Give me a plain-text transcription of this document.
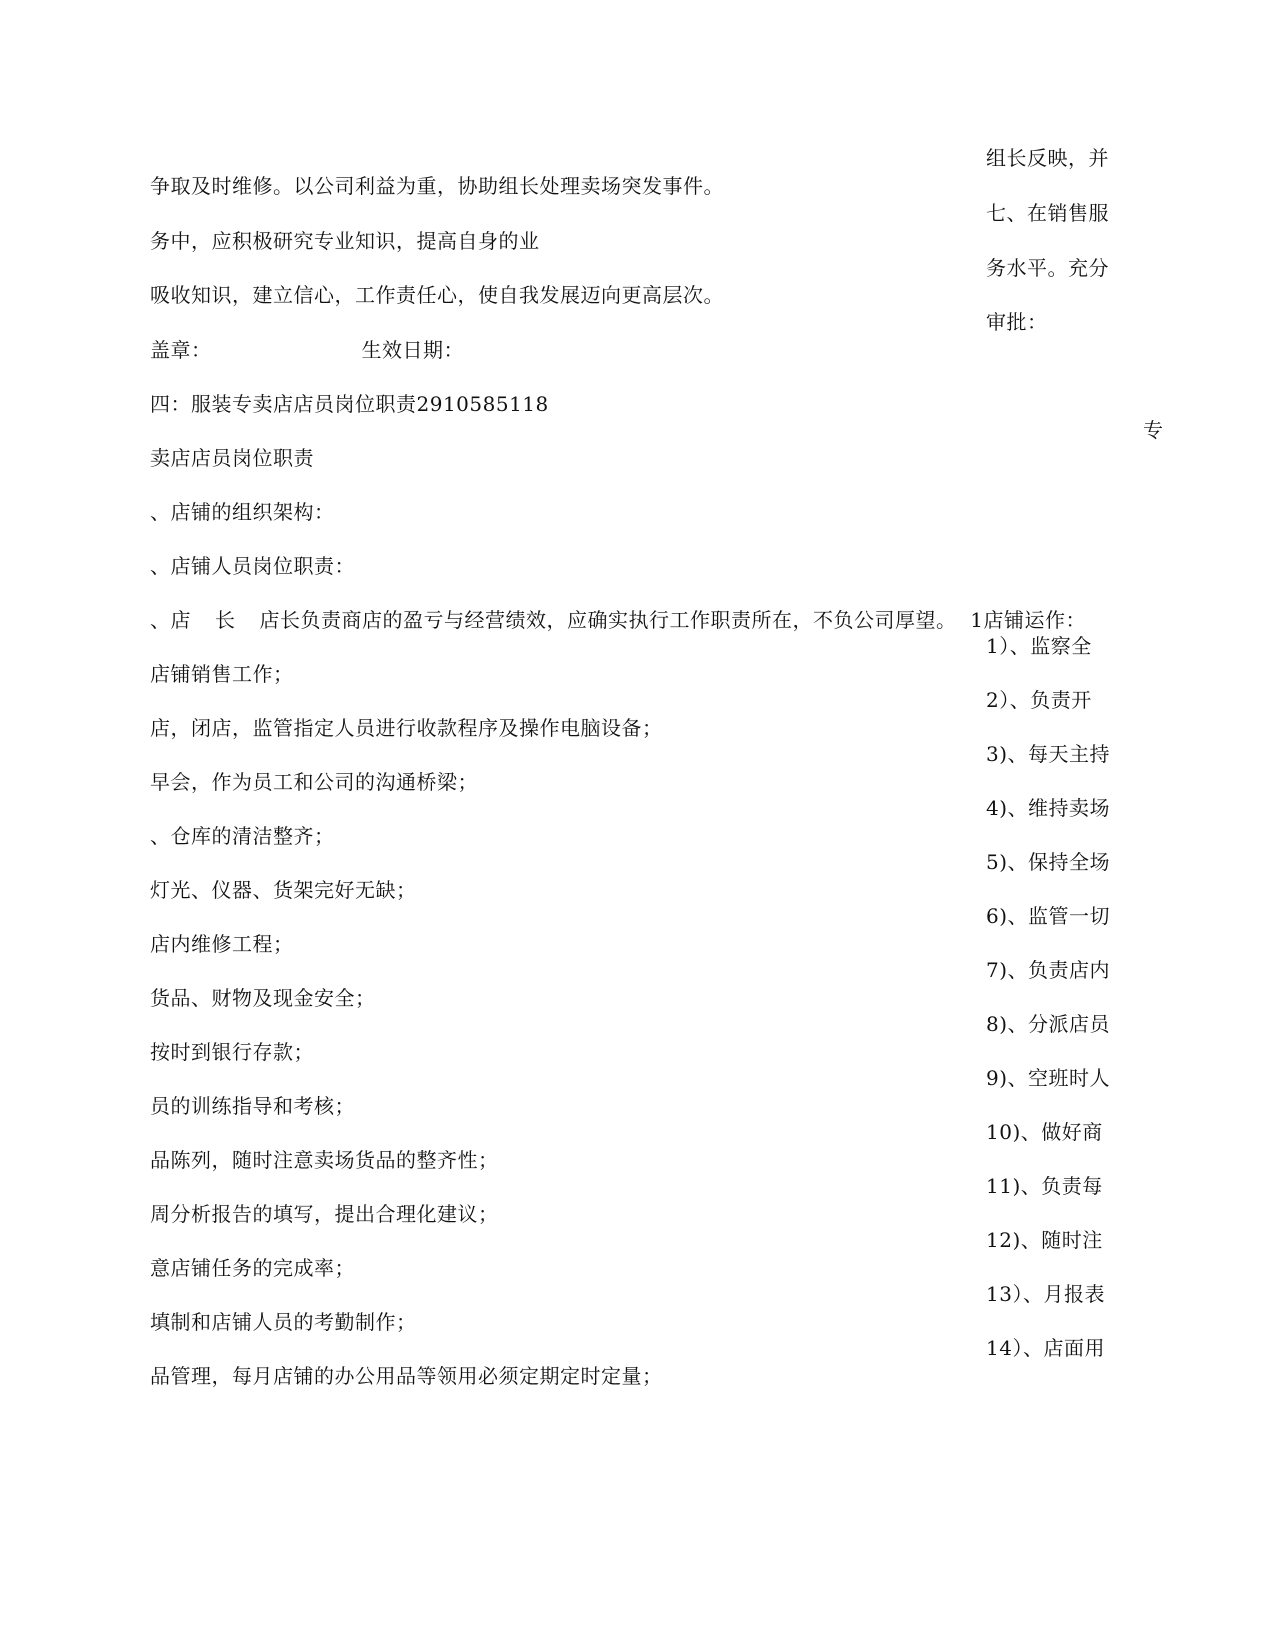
组长反映，并
七、在销售服
务水平。充分
审批：
争取及时维修。以公司利益为重，协助组长处理卖场突发事件。
务中，应积极研究专业知识，提高自身的业
吸收知识，建立信心，工作责任心，使自我发展迈向更高层次。
盖章：	生效日期：
四：服装专卖店店员岗位职责2910585118
专
卖店店员岗位职责
、店铺的组织架构：
、店铺人员岗位职责：
、店 长 店长负责商店的盈亏与经营绩效，应确实执行工作职责所在，不负公司厚望。 1店铺运作：
1）、监察全
2）、负责开
3)、每天主持
4)、维持卖场
5)、保持全场
6)、监管一切
7)、负责店内
8)、分派店员
9)、空班时人
10)、做好商
11)、负责每
12)、随时注
13）、月报表
14）、店面用
店铺销售工作；
店，闭店，监管指定人员进行收款程序及操作电脑设备；
早会，作为员工和公司的沟通桥梁；
、仓库的清洁整齐；
灯光、仪器、货架完好无缺；
店内维修工程；
货品、财物及现金安全；
按时到银行存款；
员的训练指导和考核；
品陈列，随时注意卖场货品的整齐性；
周分析报告的填写，提出合理化建议；
意店铺任务的完成率；
填制和店铺人员的考勤制作；
品管理，每月店铺的办公用品等领用必须定期定时定量；
